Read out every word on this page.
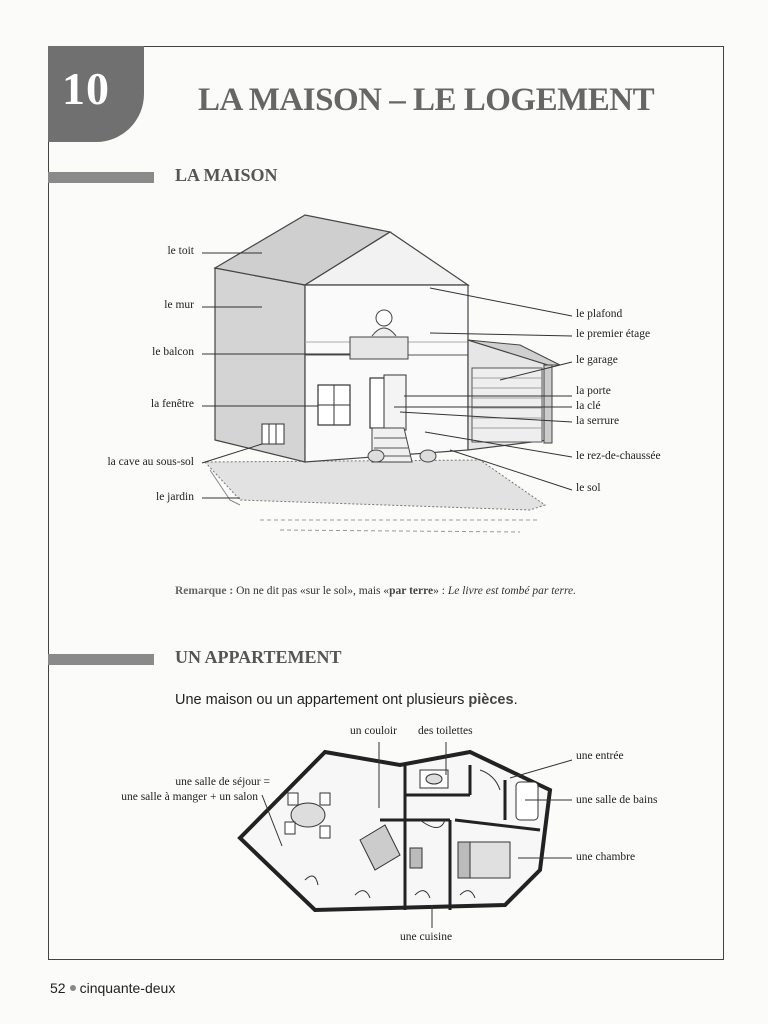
10	LA MAISON – LE LOGEMENT
LA MAISON
le toit
le mur
le balcon
la fenêtre
la cave au sous-sol
le jardin
le plafond
le premier étage
le garage
la porte
la clé
la serrure
le rez-de-chaussée
le sol
Remarque : On ne dit pas «sur le sol», mais «par terre» : Le livre est tombé par terre.
UN APPARTEMENT
Une maison ou un appartement ont plusieurs pièces.
un couloir des toilettes
une entrée
une salle de séjour =
une salle à manger + un salon	une salle de bains
une chambre
une cuisine
52 cinquante-deux
